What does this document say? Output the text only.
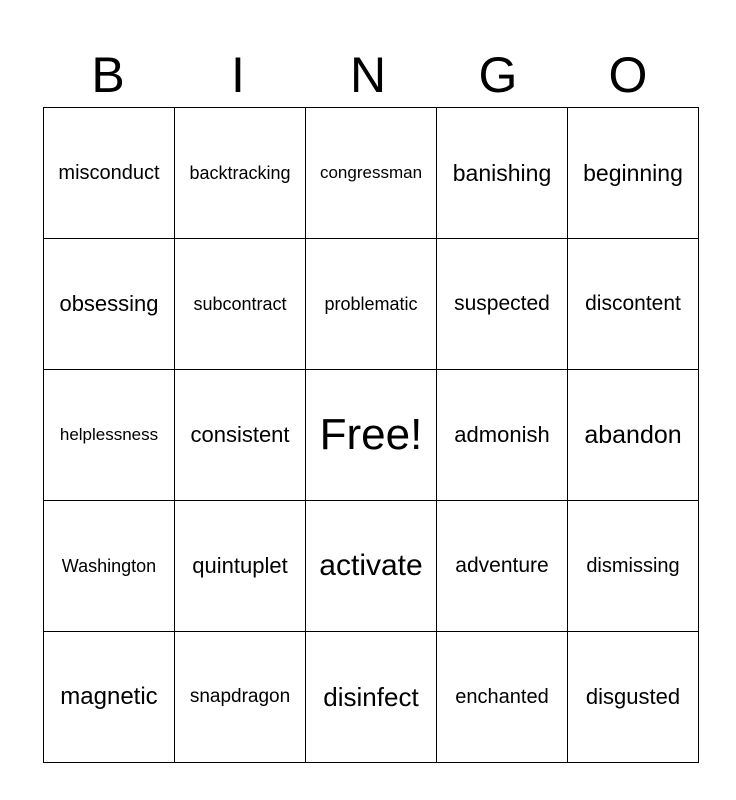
B	I	N	G	O
misconduct	backtracking	congressman	banishing	beginning
obsessing	subcontract	problematic	suspected	discontent
helplessness	consistent	Free!	admonish	abandon
Washington	quintuplet	activate	adventure	dismissing
magnetic	snapdragon	disinfect	enchanted	disgusted
